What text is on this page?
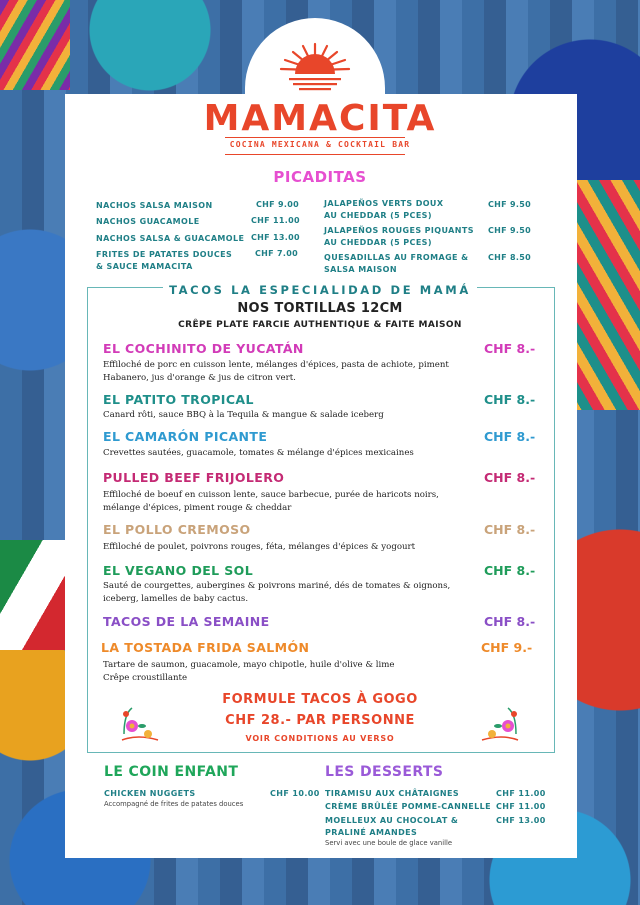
MAMACITA
COCINA MEXICANA & COCKTAIL BAR
PICADITAS
NACHOS SALSA MAISON	CHF 9.00
NACHOS GUACAMOLE	CHF 11.00
NACHOS SALSA & GUACAMOLE CHF 13.00
FRITES DE PATATES DOUCES
& SAUCE MAMACITA
CHF 7.00
JALAPEÑOS VERTS DOUX
AU CHEDDAR (5 PCES)
CHF 9.50
JALAPEÑOS ROUGES PIQUANTS
AU CHEDDAR (5 PCES)
CHF 9.50
QUESADILLAS AU FROMAGE &
SALSA MAISON
CHF 8.50
TACOS LA ESPECIALIDAD DE MAMÁ
NOS TORTILLAS 12CM
CRÊPE PLATE FARCIE AUTHENTIQUE & FAITE MAISON
EL COCHINITO DE YUCATÁN	CHF 8.-
Effiloché de porc en cuisson lente, mélanges d'épices, pasta de achiote, piment
Habanero, jus d'orange & jus de citron vert.
EL PATITO TROPICAL	CHF 8.-
Canard rôti, sauce BBQ à la Tequila & mangue & salade iceberg
EL CAMARÓN PICANTE	CHF 8.-
Crevettes sautées, guacamole, tomates & mélange d'épices mexicaines
PULLED BEEF FRIJOLERO	CHF 8.-
Effiloché de boeuf en cuisson lente, sauce barbecue, purée de haricots noirs,
mélange d'épices, piment rouge & cheddar
EL POLLO CREMOSO	CHF 8.-
Effiloché de poulet, poivrons rouges, féta, mélanges d'épices & yogourt
EL VEGANO DEL SOL	CHF 8.-
Sauté de courgettes, aubergines & poivrons mariné, dés de tomates & oignons,
iceberg, lamelles de baby cactus.
TACOS DE LA SEMAINE	CHF 8.-
LA TOSTADA FRIDA SALMÓN	CHF 9.-
Tartare de saumon, guacamole, mayo chipotle, huile d'olive & lime
Crêpe croustillante
FORMULE TACOS À GOGO
CHF 28.- PAR PERSONNE
VOIR CONDITIONS AU VERSO
LE COIN ENFANT
CHICKEN NUGGETS	CHF 10.00
Accompagné de frites de patates douces
LES DESSERTS
TIRAMISU AUX CHÂTAIGNES	CHF 11.00
CRÈME BRÛLÉE POMME-CANNELLE CHF 11.00
MOELLEUX AU CHOCOLAT &
PRALINÉ AMANDES
CHF 13.00
Servi avec une boule de glace vanille
